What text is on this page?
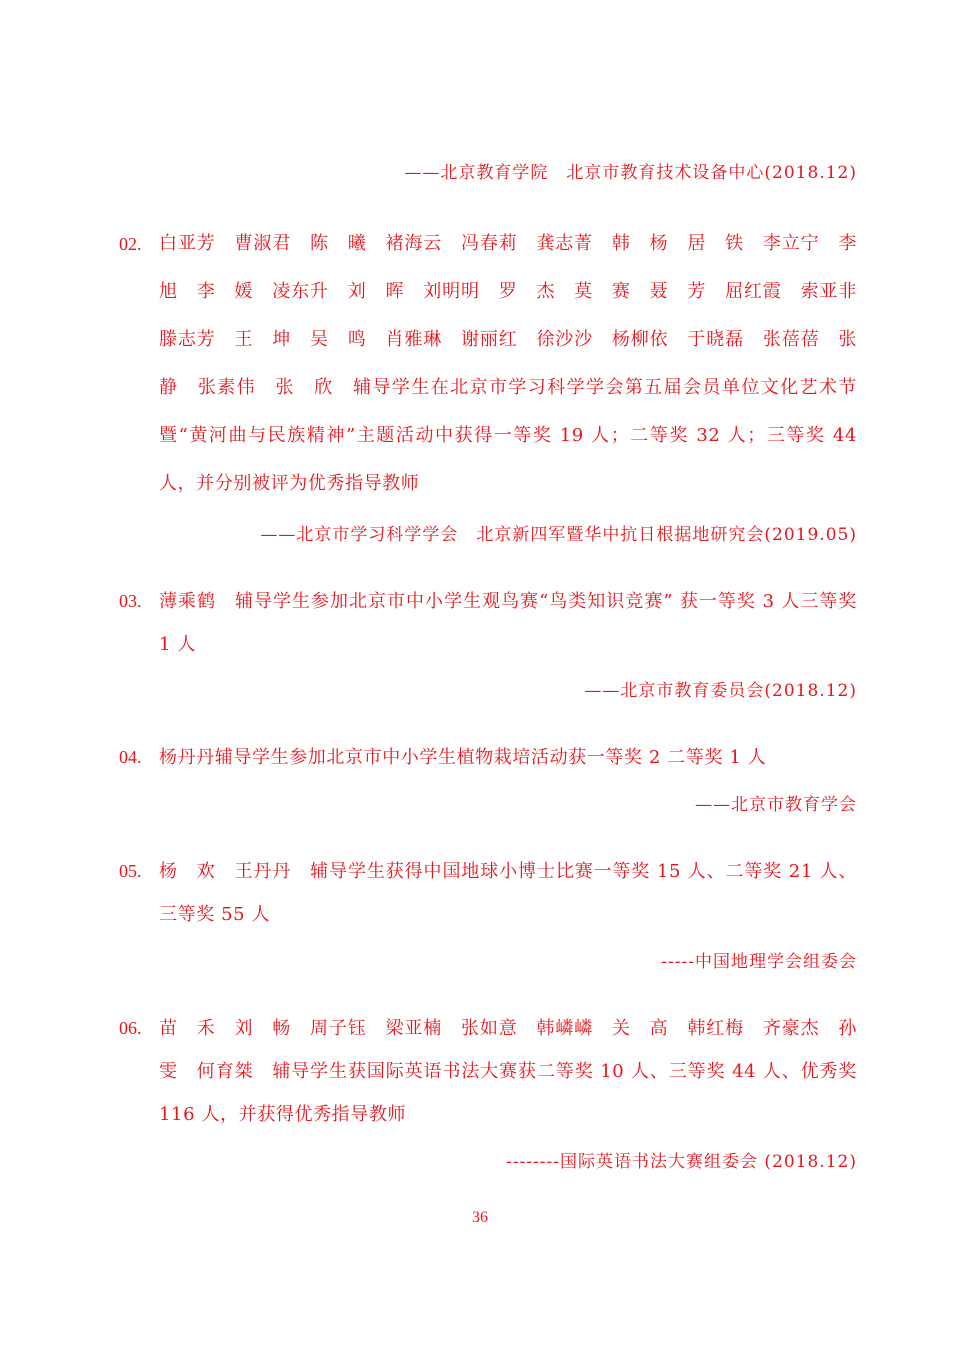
——北京教育学院　北京市教育技术设备中心(2018.12)
02. 白亚芳　曹淑君　陈　曦　褚海云　冯春莉　龚志菁　韩　杨　居　铁　李立宁　李　旭　李　媛　凌东升　刘　晖　刘明明　罗　杰　莫　赛　聂　芳　屈红霞　索亚非　滕志芳　王　坤　吴　鸣　肖雅琳　谢丽红　徐沙沙　杨柳依　于晓磊　张蓓蓓　张　静　张素伟　张　欣　辅导学生在北京市学习科学学会第五届会员单位文化艺术节暨“黄河曲与民族精神”主题活动中获得一等奖 19 人；二等奖 32 人；三等奖 44 人，并分别被评为优秀指导教师
——北京市学习科学学会　北京新四军暨华中抗日根据地研究会(2019.05)
03. 薄乘鹤　辅导学生参加北京市中小学生观鸟赛“鸟类知识竞赛” 获一等奖 3 人三等奖 1 人
——北京市教育委员会(2018.12)
04. 杨丹丹辅导学生参加北京市中小学生植物栽培活动获一等奖 2 二等奖 1 人
——北京市教育学会
05. 杨　欢　王丹丹　辅导学生获得中国地球小博士比赛一等奖 15 人、二等奖 21 人、三等奖 55 人
-----中国地理学会组委会
06. 苗　禾　刘　畅　周子钰　梁亚楠　张如意　韩嶙嶙　关　高　韩红梅　齐豪杰　孙　雯　何育桀　辅导学生获国际英语书法大赛获二等奖 10 人、三等奖 44 人、优秀奖 116 人，并获得优秀指导教师
--------国际英语书法大赛组委会 (2018.12)
36
